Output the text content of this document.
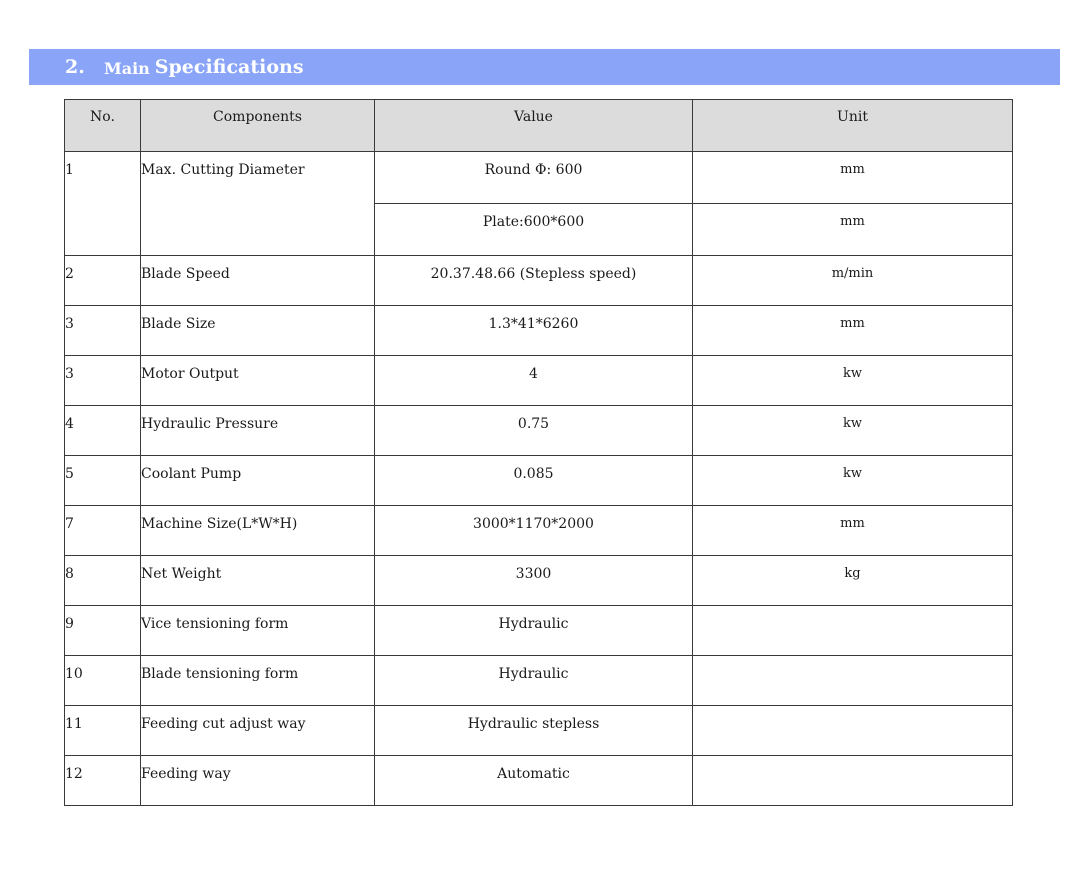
2.	Main Specifications
No.	Components	Value	Unit
1	Max. Cutting Diameter	Round Φ: 600	mm
		Plate:600*600	mm
2	Blade Speed	20.37.48.66 (Stepless speed)	m/min
3	Blade Size	1.3*41*6260	mm
3	Motor Output	4	kw
4	Hydraulic Pressure	0.75	kw
5	Coolant Pump	0.085	kw
7	Machine Size(L*W*H)	3000*1170*2000	mm
8	Net Weight	3300	kg
9	Vice tensioning form	Hydraulic	
10	Blade tensioning form	Hydraulic	
11	Feeding cut adjust way	Hydraulic stepless	
12	Feeding way	Automatic	
